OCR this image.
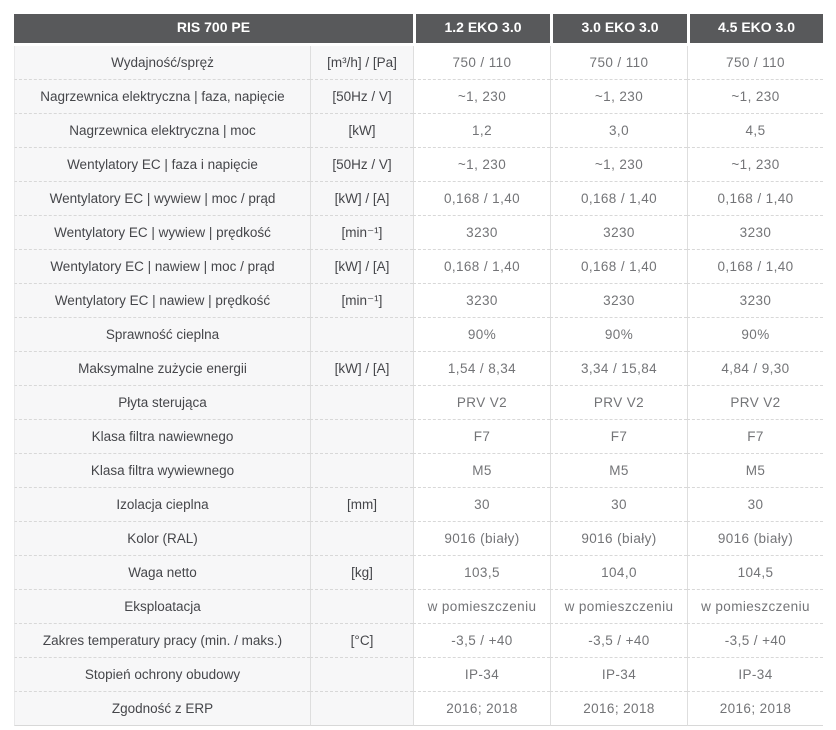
RIS 700 PE		1.2 EKO 3.0	3.0 EKO 3.0	4.5 EKO 3.0
Wydajność/spręż	[m³/h] / [Pa]	750 / 110	750 / 110	750 / 110
Nagrzewnica elektryczna | faza, napięcie	[50Hz / V]	~1, 230	~1, 230	~1, 230
Nagrzewnica elektryczna | moc	[kW]	1,2	3,0	4,5
Wentylatory EC | faza i napięcie	[50Hz / V]	~1, 230	~1, 230	~1, 230
Wentylatory EC | wywiew | moc / prąd	[kW] / [A]	0,168 / 1,40	0,168 / 1,40	0,168 / 1,40
Wentylatory EC | wywiew | prędkość	[min⁻¹]	3230	3230	3230
Wentylatory EC | nawiew | moc / prąd	[kW] / [A]	0,168 / 1,40	0,168 / 1,40	0,168 / 1,40
Wentylatory EC | nawiew | prędkość	[min⁻¹]	3230	3230	3230
Sprawność cieplna		90%	90%	90%
Maksymalne zużycie energii	[kW] / [A]	1,54 / 8,34	3,34 / 15,84	4,84 / 9,30
Płyta sterująca		PRV V2	PRV V2	PRV V2
Klasa filtra nawiewnego		F7	F7	F7
Klasa filtra wywiewnego		M5	M5	M5
Izolacja cieplna	[mm]	30	30	30
Kolor (RAL)		9016 (biały)	9016 (biały)	9016 (biały)
Waga netto	[kg]	103,5	104,0	104,5
Eksploatacja		w pomieszczeniu	w pomieszczeniu	w pomieszczeniu
Zakres temperatury pracy (min. / maks.)	[°C]	-3,5 / +40	-3,5 / +40	-3,5 / +40
Stopień ochrony obudowy		IP-34	IP-34	IP-34
Zgodność z ERP		2016; 2018	2016; 2018	2016; 2018
